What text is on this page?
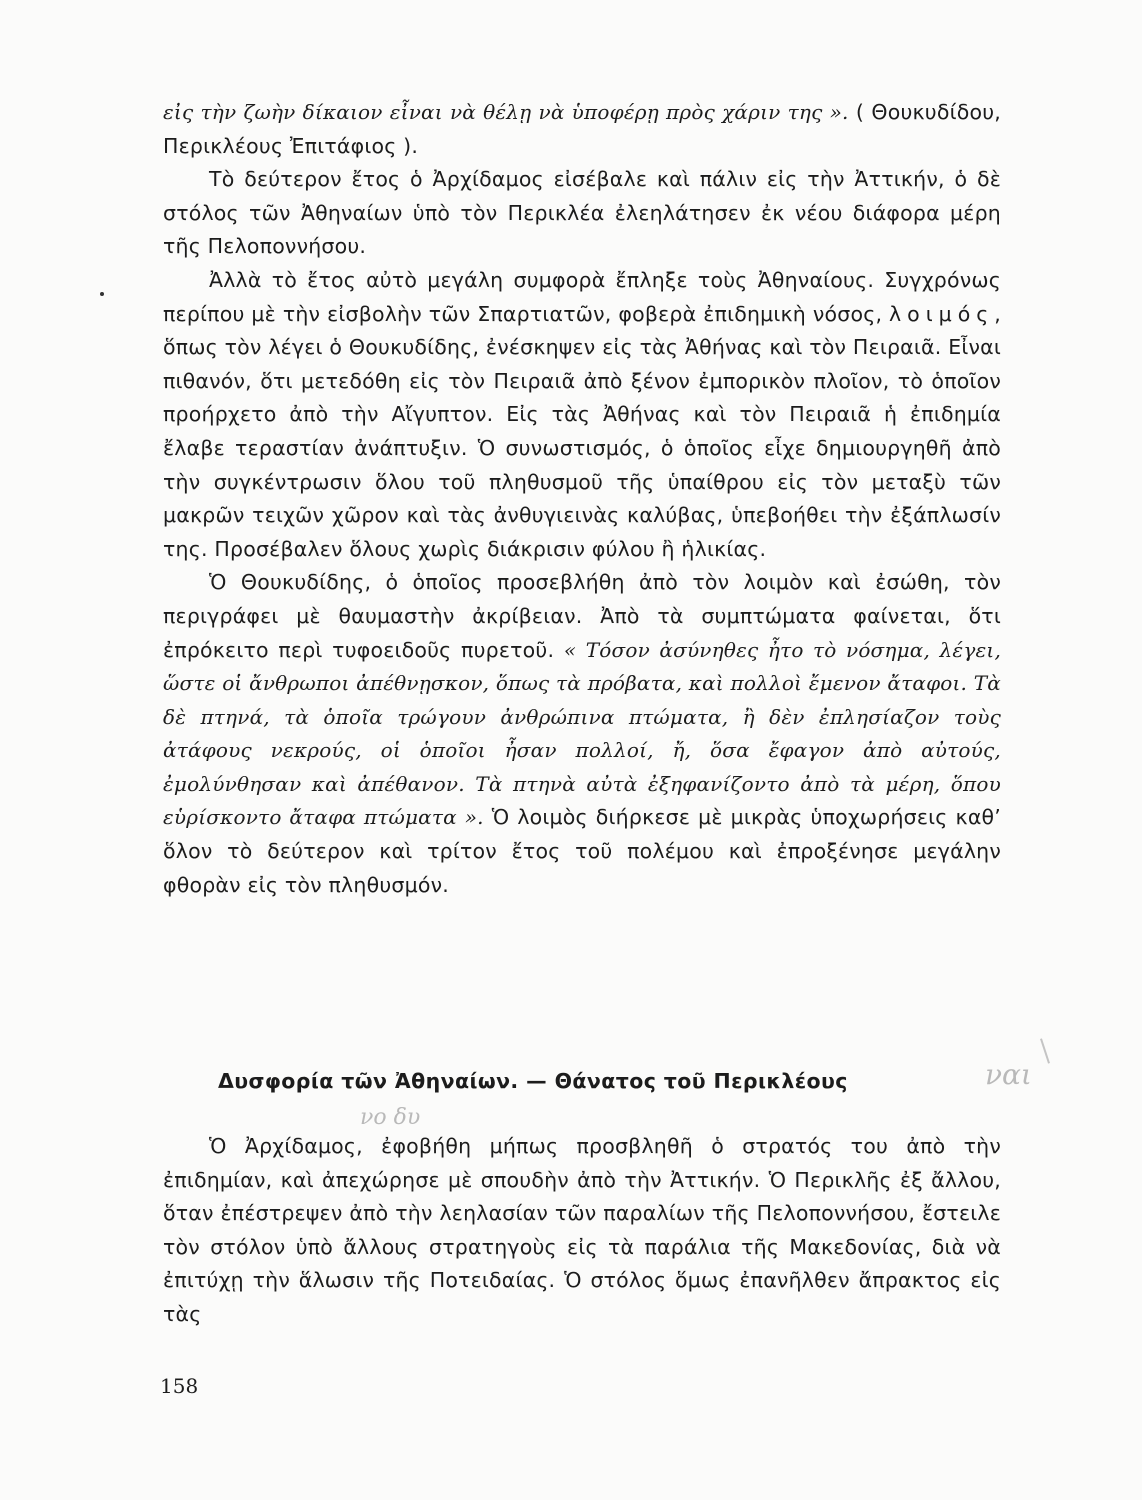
εἰς τὴν ζωὴν δίκαιον εἶναι νὰ θέλῃ νὰ ὑποφέρῃ πρὸς χάριν της ». ( Θουκυδίδου, Περικλέους Ἐπιτάφιος ).

Τὸ δεύτερον ἔτος ὁ Ἀρχίδαμος εἰσέβαλε καὶ πάλιν εἰς τὴν Ἀττικήν, ὁ δὲ στόλος τῶν Ἀθηναίων ὑπὸ τὸν Περικλέα ἐλεηλάτησεν ἐκ νέου διάφορα μέρη τῆς Πελοποννήσου.

Ἀλλὰ τὸ ἔτος αὐτὸ μεγάλη συμφορὰ ἔπληξε τοὺς Ἀθηναίους. Συγχρόνως περίπου μὲ τὴν εἰσβολὴν τῶν Σπαρτιατῶν, φοβερὰ ἐπιδημικὴ νόσος, λοιμός, ὅπως τὸν λέγει ὁ Θουκυδίδης, ἐνέσκηψεν εἰς τὰς Ἀθήνας καὶ τὸν Πειραιᾶ. Εἶναι πιθανόν, ὅτι μετεδόθη εἰς τὸν Πειραιᾶ ἀπὸ ξένον ἐμπορικὸν πλοῖον, τὸ ὁποῖον προήρχετο ἀπὸ τὴν Αἴγυπτον. Εἰς τὰς Ἀθήνας καὶ τὸν Πειραιᾶ ἡ ἐπιδημία ἔλαβε τεραστίαν ἀνάπτυξιν. Ὁ συνωστισμός, ὁ ὁποῖος εἶχε δημιουργηθῆ ἀπὸ τὴν συγκέντρωσιν ὅλου τοῦ πληθυσμοῦ τῆς ὑπαίθρου εἰς τὸν μεταξὺ τῶν μακρῶν τειχῶν χῶρον καὶ τὰς ἀνθυγιεινὰς καλύβας, ὑπεβοήθει τὴν ἐξάπλωσίν της. Προσέβαλεν ὅλους χωρὶς διάκρισιν φύλου ἢ ἡλικίας.

Ὁ Θουκυδίδης, ὁ ὁποῖος προσεβλήθη ἀπὸ τὸν λοιμὸν καὶ ἐσώθη, τὸν περιγράφει μὲ θαυμαστὴν ἀκρίβειαν. Ἀπὸ τὰ συμπτώματα φαίνεται, ὅτι ἐπρόκειτο περὶ τυφοειδοῦς πυρετοῦ. « Τόσον ἀσύνηθες ἦτο τὸ νόσημα, λέγει, ὥστε οἱ ἄνθρωποι ἀπέθνῃσκον, ὅπως τὰ πρόβατα, καὶ πολλοὶ ἔμενον ἄταφοι. Τὰ δὲ πτηνά, τὰ ὁποῖα τρώγουν ἀνθρώπινα πτώματα, ἢ δὲν ἐπλησίαζον τοὺς ἀτάφους νεκρούς, οἱ ὁποῖοι ἦσαν πολλοί, ἤ, ὅσα ἔφαγον ἀπὸ αὐτούς, ἐμολύνθησαν καὶ ἀπέθανον. Τὰ πτηνὰ αὐτὰ ἐξηφανίζοντο ἀπὸ τὰ μέρη, ὅπου εὑρίσκοντο ἄταφα πτώματα ». Ὁ λοιμὸς διήρκεσε μὲ μικρὰς ὑποχωρήσεις καθ’ ὅλον τὸ δεύτερον καὶ τρίτον ἔτος τοῦ πολέμου καὶ ἐπροξένησε μεγάλην φθορὰν εἰς τὸν πληθυσμόν.

Δυσφορία τῶν Ἀθηναίων. — Θάνατος τοῦ Περικλέους	ναι
νο δυ

Ὁ Ἀρχίδαμος, ἐφοβήθη μήπως προσβληθῆ ὁ στρατός του ἀπὸ τὴν ἐπιδημίαν, καὶ ἀπεχώρησε μὲ σπουδὴν ἀπὸ τὴν Ἀττικήν. Ὁ Περικλῆς ἐξ ἄλλου, ὅταν ἐπέστρεψεν ἀπὸ τὴν λεηλασίαν τῶν παραλίων τῆς Πελοποννήσου, ἔστειλε τὸν στόλον ὑπὸ ἄλλους στρατηγοὺς εἰς τὰ παράλια τῆς Μακεδονίας, διὰ νὰ ἐπιτύχῃ τὴν ἅλωσιν τῆς Ποτειδαίας. Ὁ στόλος ὅμως ἐπανῆλθεν ἄπρακτος εἰς τὰς

158
